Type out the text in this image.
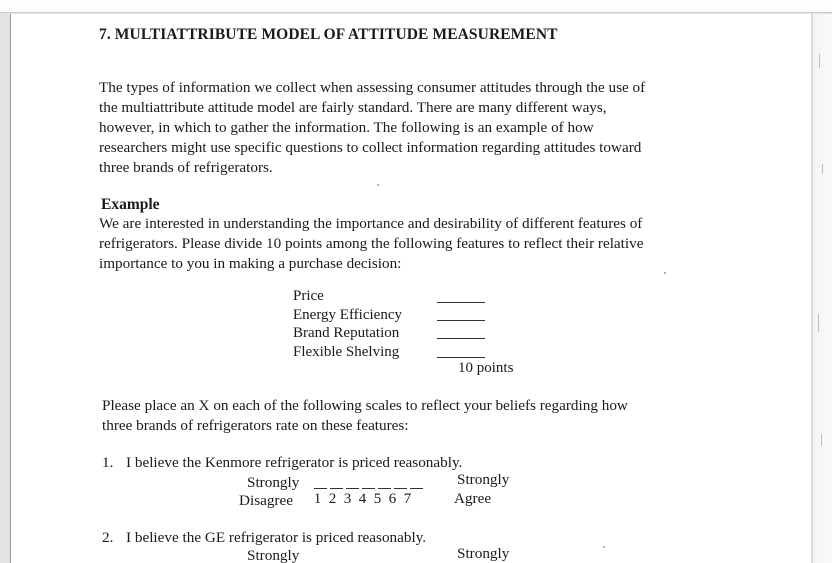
7. MULTIATTRIBUTE MODEL OF ATTITUDE MEASUREMENT
The types of information we collect when assessing consumer attitudes through the use of
the multiattribute attitude model are fairly standard. There are many different ways,
however, in which to gather the information. The following is an example of how
researchers might use specific questions to collect information regarding attitudes toward
three brands of refrigerators.
Example
We are interested in understanding the importance and desirability of different features of
refrigerators. Please divide 10 points among the following features to reflect their relative
importance to you in making a purchase decision:
Price
Energy Efficiency
Brand Reputation
Flexible Shelving
10 points
Please place an X on each of the following scales to reflect your beliefs regarding how
three brands of refrigerators rate on these features:
1. I believe the Kenmore refrigerator is priced reasonably.
Strongly
Disagree 1 2 3 4 5 6 7
Strongly
Agree
2. I believe the GE refrigerator is priced reasonably.
Strongly	Strongly
